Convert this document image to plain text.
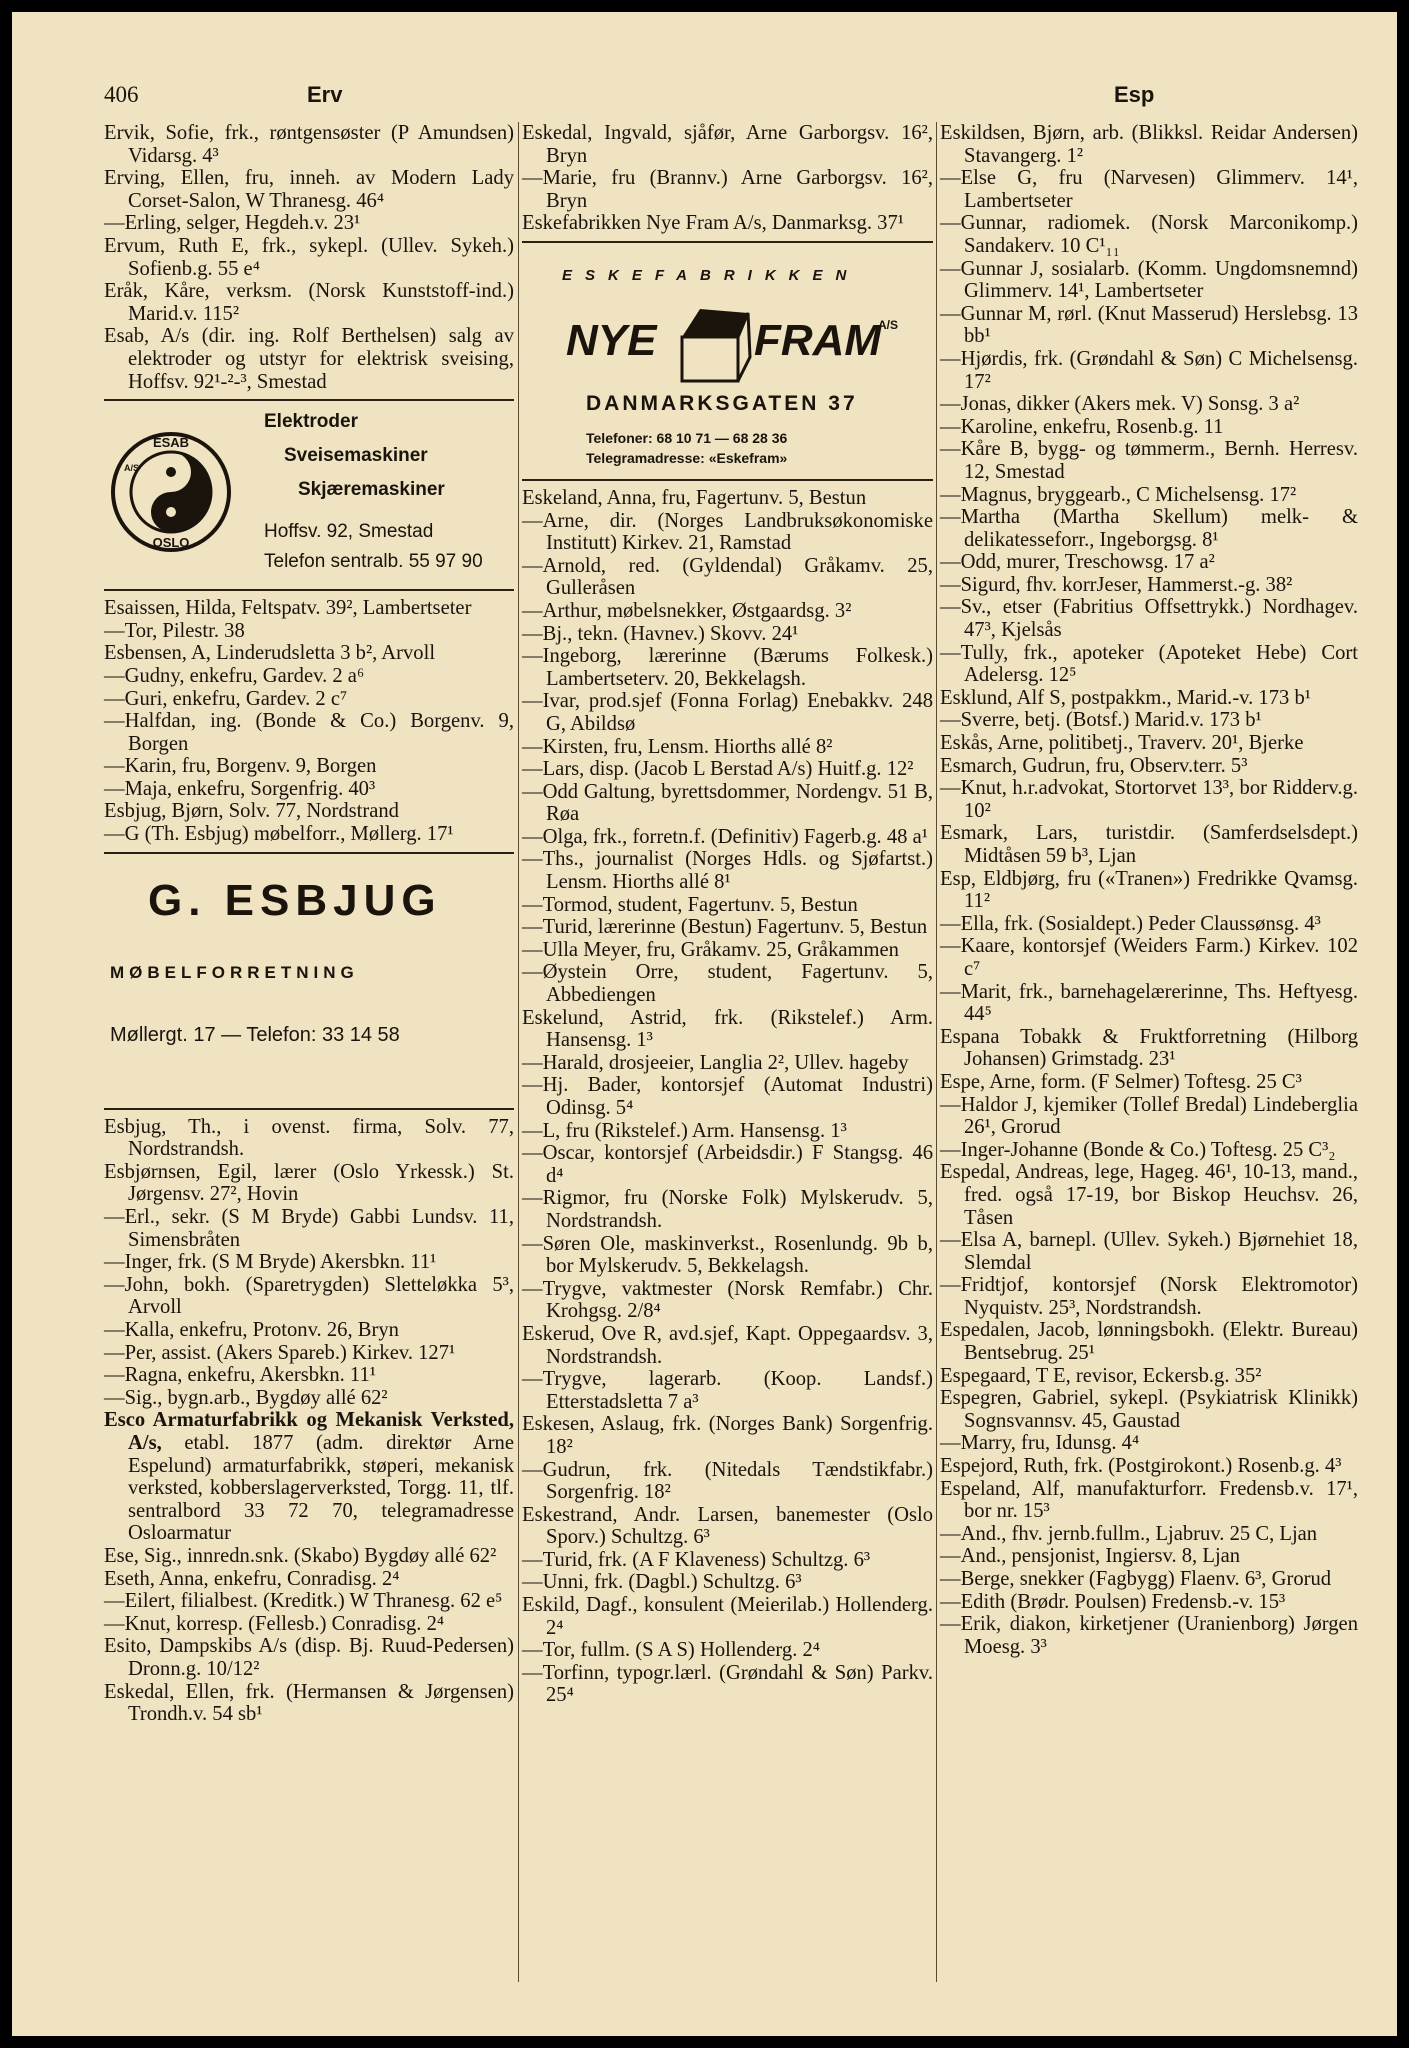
406	Erv	Esp
Ervik, Sofie, frk., røntgensøster (P Amundsen) Vidarsg. 4³
Erving, Ellen, fru, inneh. av Modern Lady Corset-Salon, W Thranesg. 46⁴
—Erling, selger, Hegdeh.v. 23¹
Ervum, Ruth E, frk., sykepl. (Ullev. Sykeh.) Sofienb.g. 55 e⁴
Eråk, Kåre, verksm. (Norsk Kunststoff-ind.) Marid.v. 115²
Esab, A/s (dir. ing. Rolf Berthelsen) salg av elektroder og utstyr for elektrisk sveising, Hoffsv. 92¹-²-³, Smestad
ESAB
A/S
OSLO
Elektroder
Sveisemaskiner
Skjæremaskiner
Hoffsv. 92, Smestad
Telefon sentralb. 55 97 90
Esaissen, Hilda, Feltspatv. 39², Lambertseter
—Tor, Pilestr. 38
Esbensen, A, Linderudsletta 3 b², Arvoll
—Gudny, enkefru, Gardev. 2 a⁶
—Guri, enkefru, Gardev. 2 c⁷
—Halfdan, ing. (Bonde & Co.) Borgenv. 9, Borgen
—Karin, fru, Borgenv. 9, Borgen
—Maja, enkefru, Sorgenfrig. 40³
Esbjug, Bjørn, Solv. 77, Nordstrand
—G (Th. Esbjug) møbelforr., Møllerg. 17¹
G. ESBJUG
MØBELFORRETNING
Møllergt. 17 — Telefon: 33 14 58
Esbjug, Th., i ovenst. firma, Solv. 77, Nordstrandsh.
Esbjørnsen, Egil, lærer (Oslo Yrkessk.) St. Jørgensv. 27², Hovin
—Erl., sekr. (S M Bryde) Gabbi Lundsv. 11, Simensbråten
—Inger, frk. (S M Bryde) Akersbkn. 11¹
—John, bokh. (Sparetrygden) Sletteløkka 5³, Arvoll
—Kalla, enkefru, Protonv. 26, Bryn
—Per, assist. (Akers Spareb.) Kirkev. 127¹
—Ragna, enkefru, Akersbkn. 11¹
—Sig., bygn.arb., Bygdøy allé 62²
Esco Armaturfabrikk og Mekanisk Verksted, A/s, etabl. 1877 (adm. direktør Arne Espelund) armaturfabrikk, støperi, mekanisk verksted, kobberslagerverksted, Torgg. 11, tlf. sentralbord 33 72 70, telegramadresse Osloarmatur
Ese, Sig., innredn.snk. (Skabo) Bygdøy allé 62²
Eseth, Anna, enkefru, Conradisg. 2⁴
—Eilert, filialbest. (Kreditk.) W Thranesg. 62 e⁵
—Knut, korresp. (Fellesb.) Conradisg. 2⁴
Esito, Dampskibs A/s (disp. Bj. Ruud-Pedersen) Dronn.g. 10/12²
Eskedal, Ellen, frk. (Hermansen & Jørgensen) Trondh.v. 54 sb¹
Eskedal, Ingvald, sjåfør, Arne Garborgsv. 16², Bryn
—Marie, fru (Brannv.) Arne Garborgsv. 16², Bryn
Eskefabrikken Nye Fram A/s, Danmarksg. 37¹
ESKEFABRIKKEN
NYE FRAM
A/S
DANMARKSGATEN 37
Telefoner: 68 10 71 — 68 28 36
Telegramadresse: «Eskefram»
Eskeland, Anna, fru, Fagertunv. 5, Bestun
—Arne, dir. (Norges Landbruksøkonomiske Institutt) Kirkev. 21, Ramstad
—Arnold, red. (Gyldendal) Gråkamv. 25, Gulleråsen
—Arthur, møbelsnekker, Østgaardsg. 3²
—Bj., tekn. (Havnev.) Skovv. 24¹
—Ingeborg, lærerinne (Bærums Folkesk.) Lambertseterv. 20, Bekkelagsh.
—Ivar, prod.sjef (Fonna Forlag) Enebakkv. 248 G, Abildsø
—Kirsten, fru, Lensm. Hiorths allé 8²
—Lars, disp. (Jacob L Berstad A/s) Huitf.g. 12²
—Odd Galtung, byrettsdommer, Nordengv. 51 B, Røa
—Olga, frk., forretn.f. (Definitiv) Fagerb.g. 48 a¹
—Ths., journalist (Norges Hdls. og Sjøfartst.) Lensm. Hiorths allé 8¹
—Tormod, student, Fagertunv. 5, Bestun
—Turid, lærerinne (Bestun) Fagertunv. 5, Bestun
—Ulla Meyer, fru, Gråkamv. 25, Gråkammen
—Øystein Orre, student, Fagertunv. 5, Abbediengen
Eskelund, Astrid, frk. (Rikstelef.) Arm. Hansensg. 1³
—Harald, drosjeeier, Langlia 2², Ullev. hageby
—Hj. Bader, kontorsjef (Automat Industri) Odinsg. 5⁴
—L, fru (Rikstelef.) Arm. Hansensg. 1³
—Oscar, kontorsjef (Arbeidsdir.) F Stangsg. 46 d⁴
—Rigmor, fru (Norske Folk) Mylskerudv. 5, Nordstrandsh.
—Søren Ole, maskinverkst., Rosenlundg. 9b b, bor Mylskerudv. 5, Bekkelagsh.
—Trygve, vaktmester (Norsk Remfabr.) Chr. Krohgsg. 2/8⁴
Eskerud, Ove R, avd.sjef, Kapt. Oppegaardsv. 3, Nordstrandsh.
—Trygve, lagerarb. (Koop. Landsf.) Etterstadsletta 7 a³
Eskesen, Aslaug, frk. (Norges Bank) Sorgenfrig. 18²
—Gudrun, frk. (Nitedals Tændstikfabr.) Sorgenfrig. 18²
Eskestrand, Andr. Larsen, banemester (Oslo Sporv.) Schultzg. 6³
—Turid, frk. (A F Klaveness) Schultzg. 6³
—Unni, frk. (Dagbl.) Schultzg. 6³
Eskild, Dagf., konsulent (Meierilab.) Hollenderg. 2⁴
—Tor, fullm. (S A S) Hollenderg. 2⁴
—Torfinn, typogr.lærl. (Grøndahl & Søn) Parkv. 25⁴
Eskildsen, Bjørn, arb. (Blikksl. Reidar Andersen) Stavangerg. 1²
—Else G, fru (Narvesen) Glimmerv. 14¹, Lambertseter
—Gunnar, radiomek. (Norsk Marconikomp.) Sandakerv. 10 C¹₁₁
—Gunnar J, sosialarb. (Komm. Ungdomsnemnd) Glimmerv. 14¹, Lambertseter
—Gunnar M, rørl. (Knut Masserud) Herslebsg. 13 bb¹
—Hjørdis, frk. (Grøndahl & Søn) C Michelsensg. 17²
—Jonas, dikker (Akers mek. V) Sonsg. 3 a²
—Karoline, enkefru, Rosenb.g. 11
—Kåre B, bygg- og tømmerm., Bernh. Herresv. 12, Smestad
—Magnus, bryggearb., C Michelsensg. 17²
—Martha (Martha Skellum) melk- & delikatesseforr., Ingeborgsg. 8¹
—Odd, murer, Treschowsg. 17 a²
—Sigurd, fhv. korrJeser, Hammerst.-g. 38²
—Sv., etser (Fabritius Offsettrykk.) Nordhagev. 47³, Kjelsås
—Tully, frk., apoteker (Apoteket Hebe) Cort Adelersg. 12⁵
Esklund, Alf S, postpakkm., Marid.-v. 173 b¹
—Sverre, betj. (Botsf.) Marid.v. 173 b¹
Eskås, Arne, politibetj., Traverv. 20¹, Bjerke
Esmarch, Gudrun, fru, Observ.terr. 5³
—Knut, h.r.advokat, Stortorvet 13³, bor Ridderv.g. 10²
Esmark, Lars, turistdir. (Samferdselsdept.) Midtåsen 59 b³, Ljan
Esp, Eldbjørg, fru («Tranen») Fredrikke Qvamsg. 11²
—Ella, frk. (Sosialdept.) Peder Claussønsg. 4³
—Kaare, kontorsjef (Weiders Farm.) Kirkev. 102 c⁷
—Marit, frk., barnehagelærerinne, Ths. Heftyesg. 44⁵
Espana Tobakk & Fruktforretning (Hilborg Johansen) Grimstadg. 23¹
Espe, Arne, form. (F Selmer) Toftesg. 25 C³
—Haldor J, kjemiker (Tollef Bredal) Lindeberglia 26¹, Grorud
—Inger-Johanne (Bonde & Co.) Toftesg. 25 C³₂
Espedal, Andreas, lege, Hageg. 46¹, 10-13, mand., fred. også 17-19, bor Biskop Heuchsv. 26, Tåsen
—Elsa A, barnepl. (Ullev. Sykeh.) Bjørnehiet 18, Slemdal
—Fridtjof, kontorsjef (Norsk Elektromotor) Nyquistv. 25³, Nordstrandsh.
Espedalen, Jacob, lønningsbokh. (Elektr. Bureau) Bentsebrug. 25¹
Espegaard, T E, revisor, Eckersb.g. 35²
Espegren, Gabriel, sykepl. (Psykiatrisk Klinikk) Sognsvannsv. 45, Gaustad
—Marry, fru, Idunsg. 4⁴
Espejord, Ruth, frk. (Postgirokont.) Rosenb.g. 4³
Espeland, Alf, manufakturforr. Fredensb.v. 17¹, bor nr. 15³
—And., fhv. jernb.fullm., Ljabruv. 25 C, Ljan
—And., pensjonist, Ingiersv. 8, Ljan
—Berge, snekker (Fagbygg) Flaenv. 6³, Grorud
—Edith (Brødr. Poulsen) Fredensb.-v. 15³
—Erik, diakon, kirketjener (Uranienborg) Jørgen Moesg. 3³
